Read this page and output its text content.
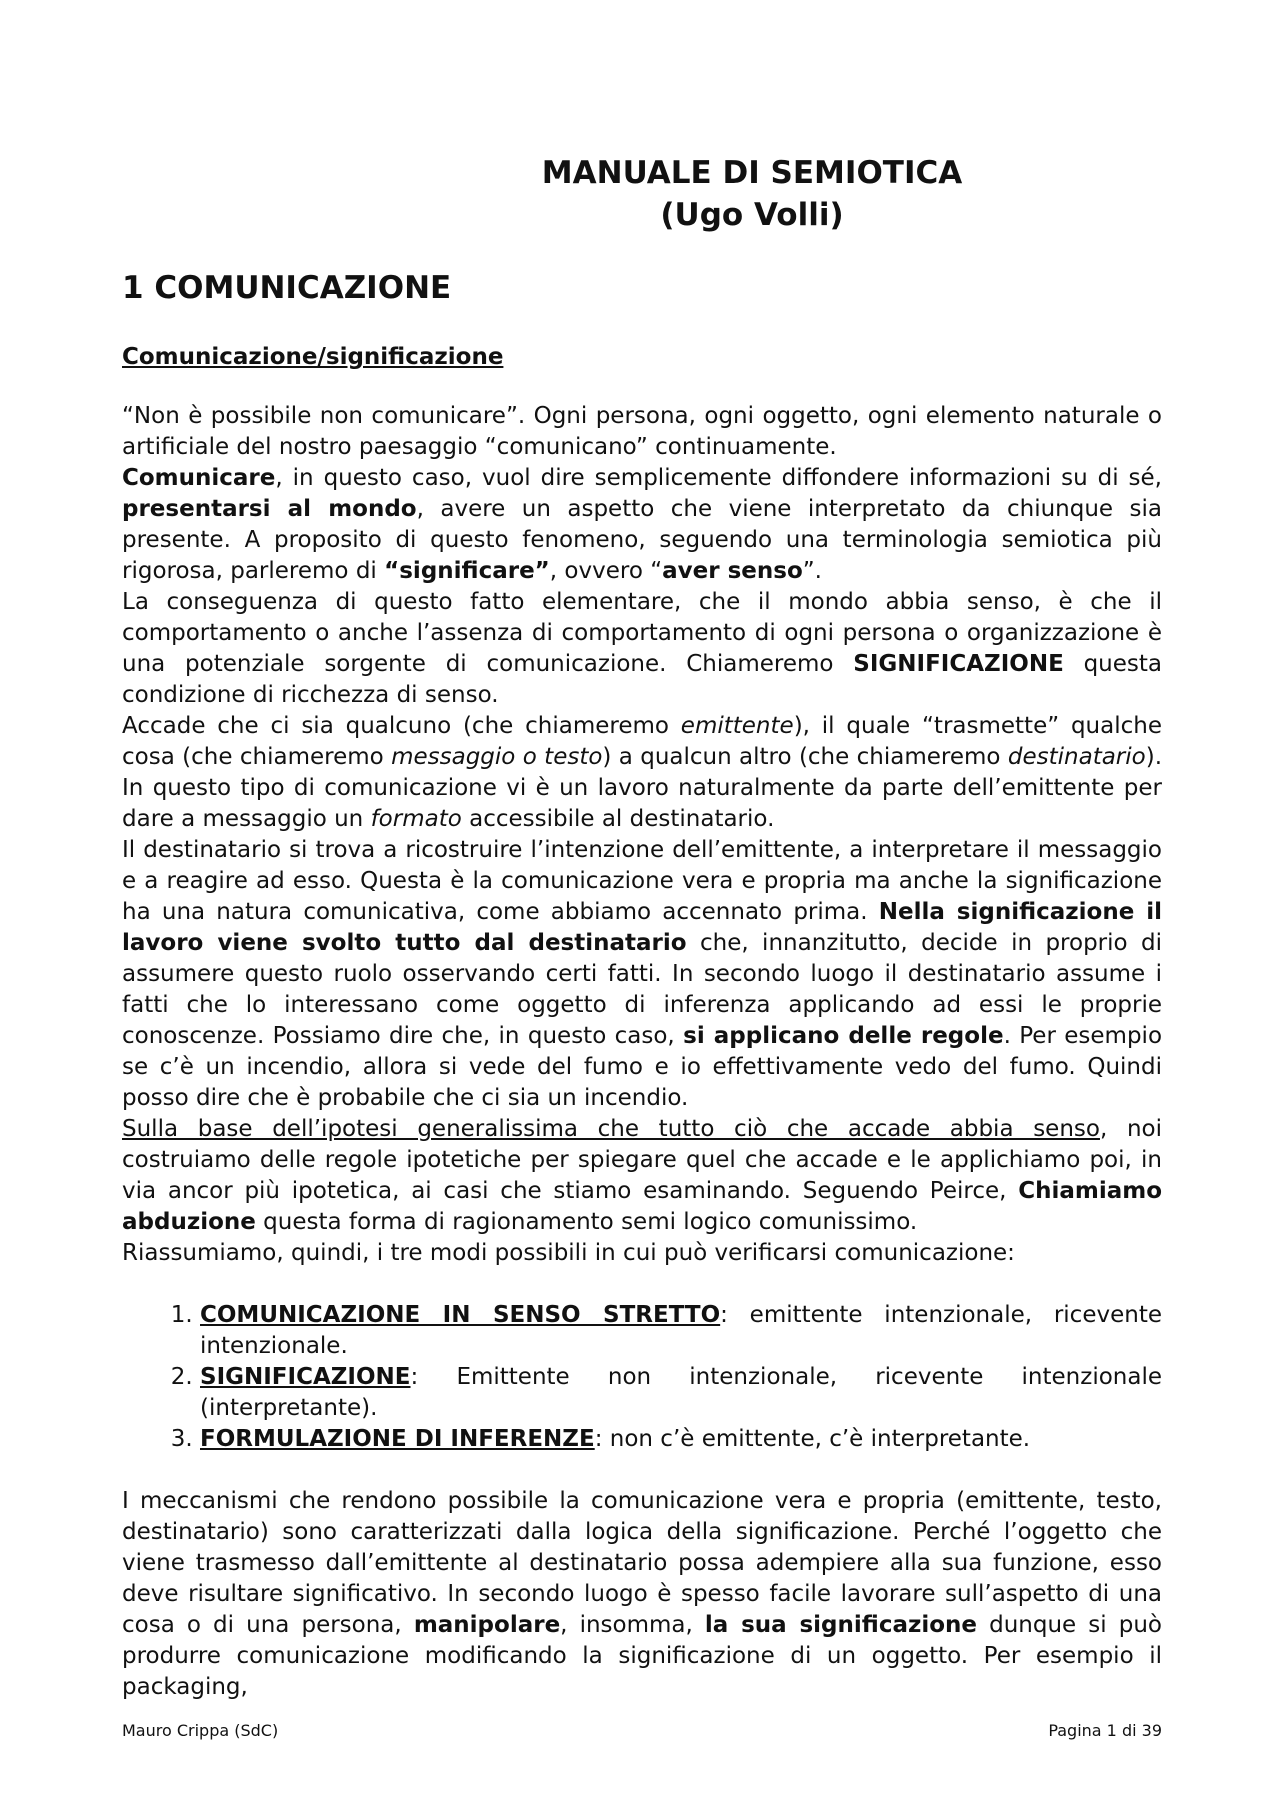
MANUALE DI SEMIOTICA
(Ugo Volli)
1 COMUNICAZIONE
Comunicazione/significazione

“Non è possibile non comunicare”. Ogni persona, ogni oggetto, ogni elemento naturale o artificiale del nostro paesaggio “comunicano” continuamente.

Comunicare, in questo caso, vuol dire semplicemente diffondere informazioni su di sé, presentarsi al mondo, avere un aspetto che viene interpretato da chiunque sia presente. A proposito di questo fenomeno, seguendo una terminologia semiotica più rigorosa, parleremo di “significare”, ovvero “aver senso”.

La conseguenza di questo fatto elementare, che il mondo abbia senso, è che il comportamento o anche l’assenza di comportamento di ogni persona o organizzazione è una potenziale sorgente di comunicazione. Chiameremo SIGNIFICAZIONE questa condizione di ricchezza di senso.

Accade che ci sia qualcuno (che chiameremo emittente), il quale “trasmette” qualche cosa (che chiameremo messaggio o testo) a qualcun altro (che chiameremo destinatario). In questo tipo di comunicazione vi è un lavoro naturalmente da parte dell’emittente per dare a messaggio un formato accessibile al destinatario.

Il destinatario si trova a ricostruire l’intenzione dell’emittente, a interpretare il messaggio e a reagire ad esso. Questa è la comunicazione vera e propria ma anche la significazione ha una natura comunicativa, come abbiamo accennato prima. Nella significazione il lavoro viene svolto tutto dal destinatario che, innanzitutto, decide in proprio di assumere questo ruolo osservando certi fatti. In secondo luogo il destinatario assume i fatti che lo interessano come oggetto di inferenza applicando ad essi le proprie conoscenze. Possiamo dire che, in questo caso, si applicano delle regole. Per esempio se c’è un incendio, allora si vede del fumo e io effettivamente vedo del fumo. Quindi posso dire che è probabile che ci sia un incendio.

Sulla base dell’ipotesi generalissima che tutto ciò che accade abbia senso, noi costruiamo delle regole ipotetiche per spiegare quel che accade e le applichiamo poi, in via ancor più ipotetica, ai casi che stiamo esaminando. Seguendo Peirce, Chiamiamo abduzione questa forma di ragionamento semi logico comunissimo.

Riassumiamo, quindi, i tre modi possibili in cui può verificarsi comunicazione:

1. COMUNICAZIONE IN SENSO STRETTO: emittente intenzionale, ricevente intenzionale.
2. SIGNIFICAZIONE: Emittente non intenzionale, ricevente intenzionale (interpretante).
3. FORMULAZIONE DI INFERENZE: non c’è emittente, c’è interpretante.

I meccanismi che rendono possibile la comunicazione vera e propria (emittente, testo, destinatario) sono caratterizzati dalla logica della significazione. Perché l’oggetto che viene trasmesso dall’emittente al destinatario possa adempiere alla sua funzione, esso deve risultare significativo. In secondo luogo è spesso facile lavorare sull’aspetto di una cosa o di una persona, manipolare, insomma, la sua significazione dunque si può produrre comunicazione modificando la significazione di un oggetto. Per esempio il packaging,

Mauro Crippa (SdC)	Pagina 1 di 39
